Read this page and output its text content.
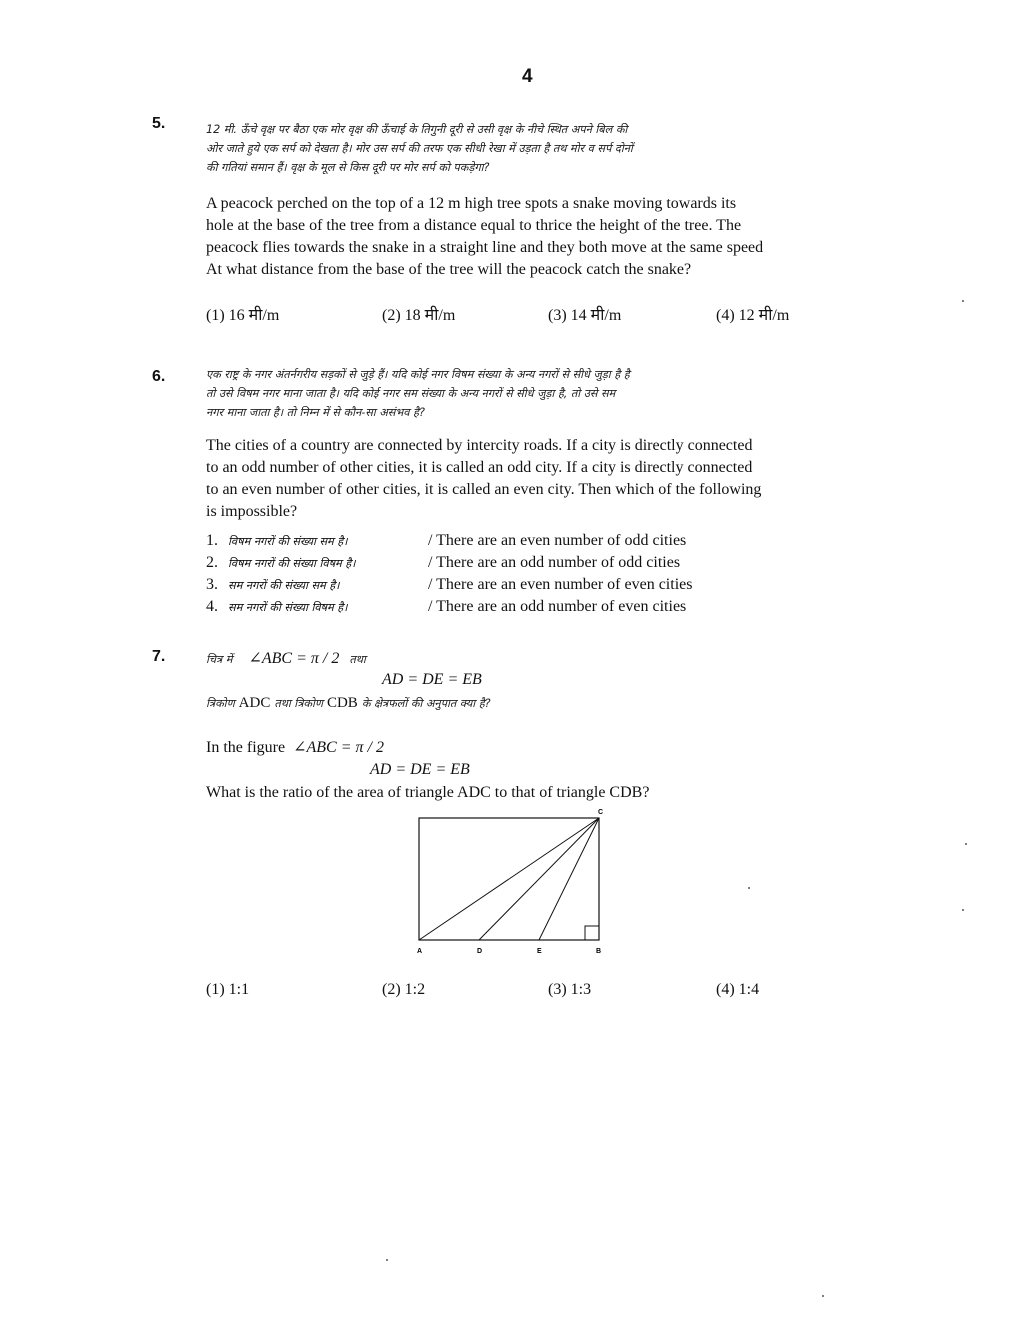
4
5.	12 मी. ऊँचे वृक्ष पर बैठा एक मोर वृक्ष की ऊँचाई के तिगुनी दूरी से उसी वृक्ष के नीचे स्थित अपने बिल की
ओर जाते हुये एक सर्प को देखता है। मोर उस सर्प की तरफ एक सीधी रेखा में उड़ता है तथ मोर व सर्प दोनों
की गतियां समान हैं। वृक्ष के मूल से किस दूरी पर मोर सर्प को पकड़ेगा?
A peacock perched on the top of a 12 m high tree spots a snake moving towards its
hole at the base of the tree from a distance equal to thrice the height of the tree. The
peacock flies towards the snake in a straight line and they both move at the same speed
At what distance from the base of the tree will the peacock catch the snake?
(1) 16 मी/m	(2) 18 मी/m	(3) 14 मी/m	(4) 12 मी/m
6.	एक राष्ट्र के नगर अंतर्नगरीय सड़कों से जुड़े हैं। यदि कोई नगर विषम संख्या के अन्य नगरों से सीधे जुड़ा है है
तो उसे विषम नगर माना जाता है। यदि कोई नगर सम संख्या के अन्य नगरों से सीधे जुड़ा है, तो उसे सम
नगर माना जाता है। तो निम्न में से कौन-सा असंभव है?
The cities of a country are connected by intercity roads. If a city is directly connected
to an odd number of other cities, it is called an odd city. If a city is directly connected
to an even number of other cities, it is called an even city. Then which of the following
is impossible?
1. विषम नगरों की संख्या सम है।	/ There are an even number of odd cities
2. विषम नगरों की संख्या विषम है।	/ There are an odd number of odd cities
3. सम नगरों की संख्या सम है।	/ There are an even number of even cities
4. सम नगरों की संख्या विषम है।	/ There are an odd number of even cities
7.	चित्र में ∠ABC = π / 2 तथा
AD = DE = EB
त्रिकोण ADC तथा त्रिकोण CDB के क्षेत्रफलों की अनुपात क्या है?
In the figure ∠ABC = π / 2
AD = DE = EB
What is the ratio of the area of triangle ADC to that of triangle CDB?
A	D	E	B
C
(1) 1:1	(2) 1:2	(3) 1:3	(4) 1:4
